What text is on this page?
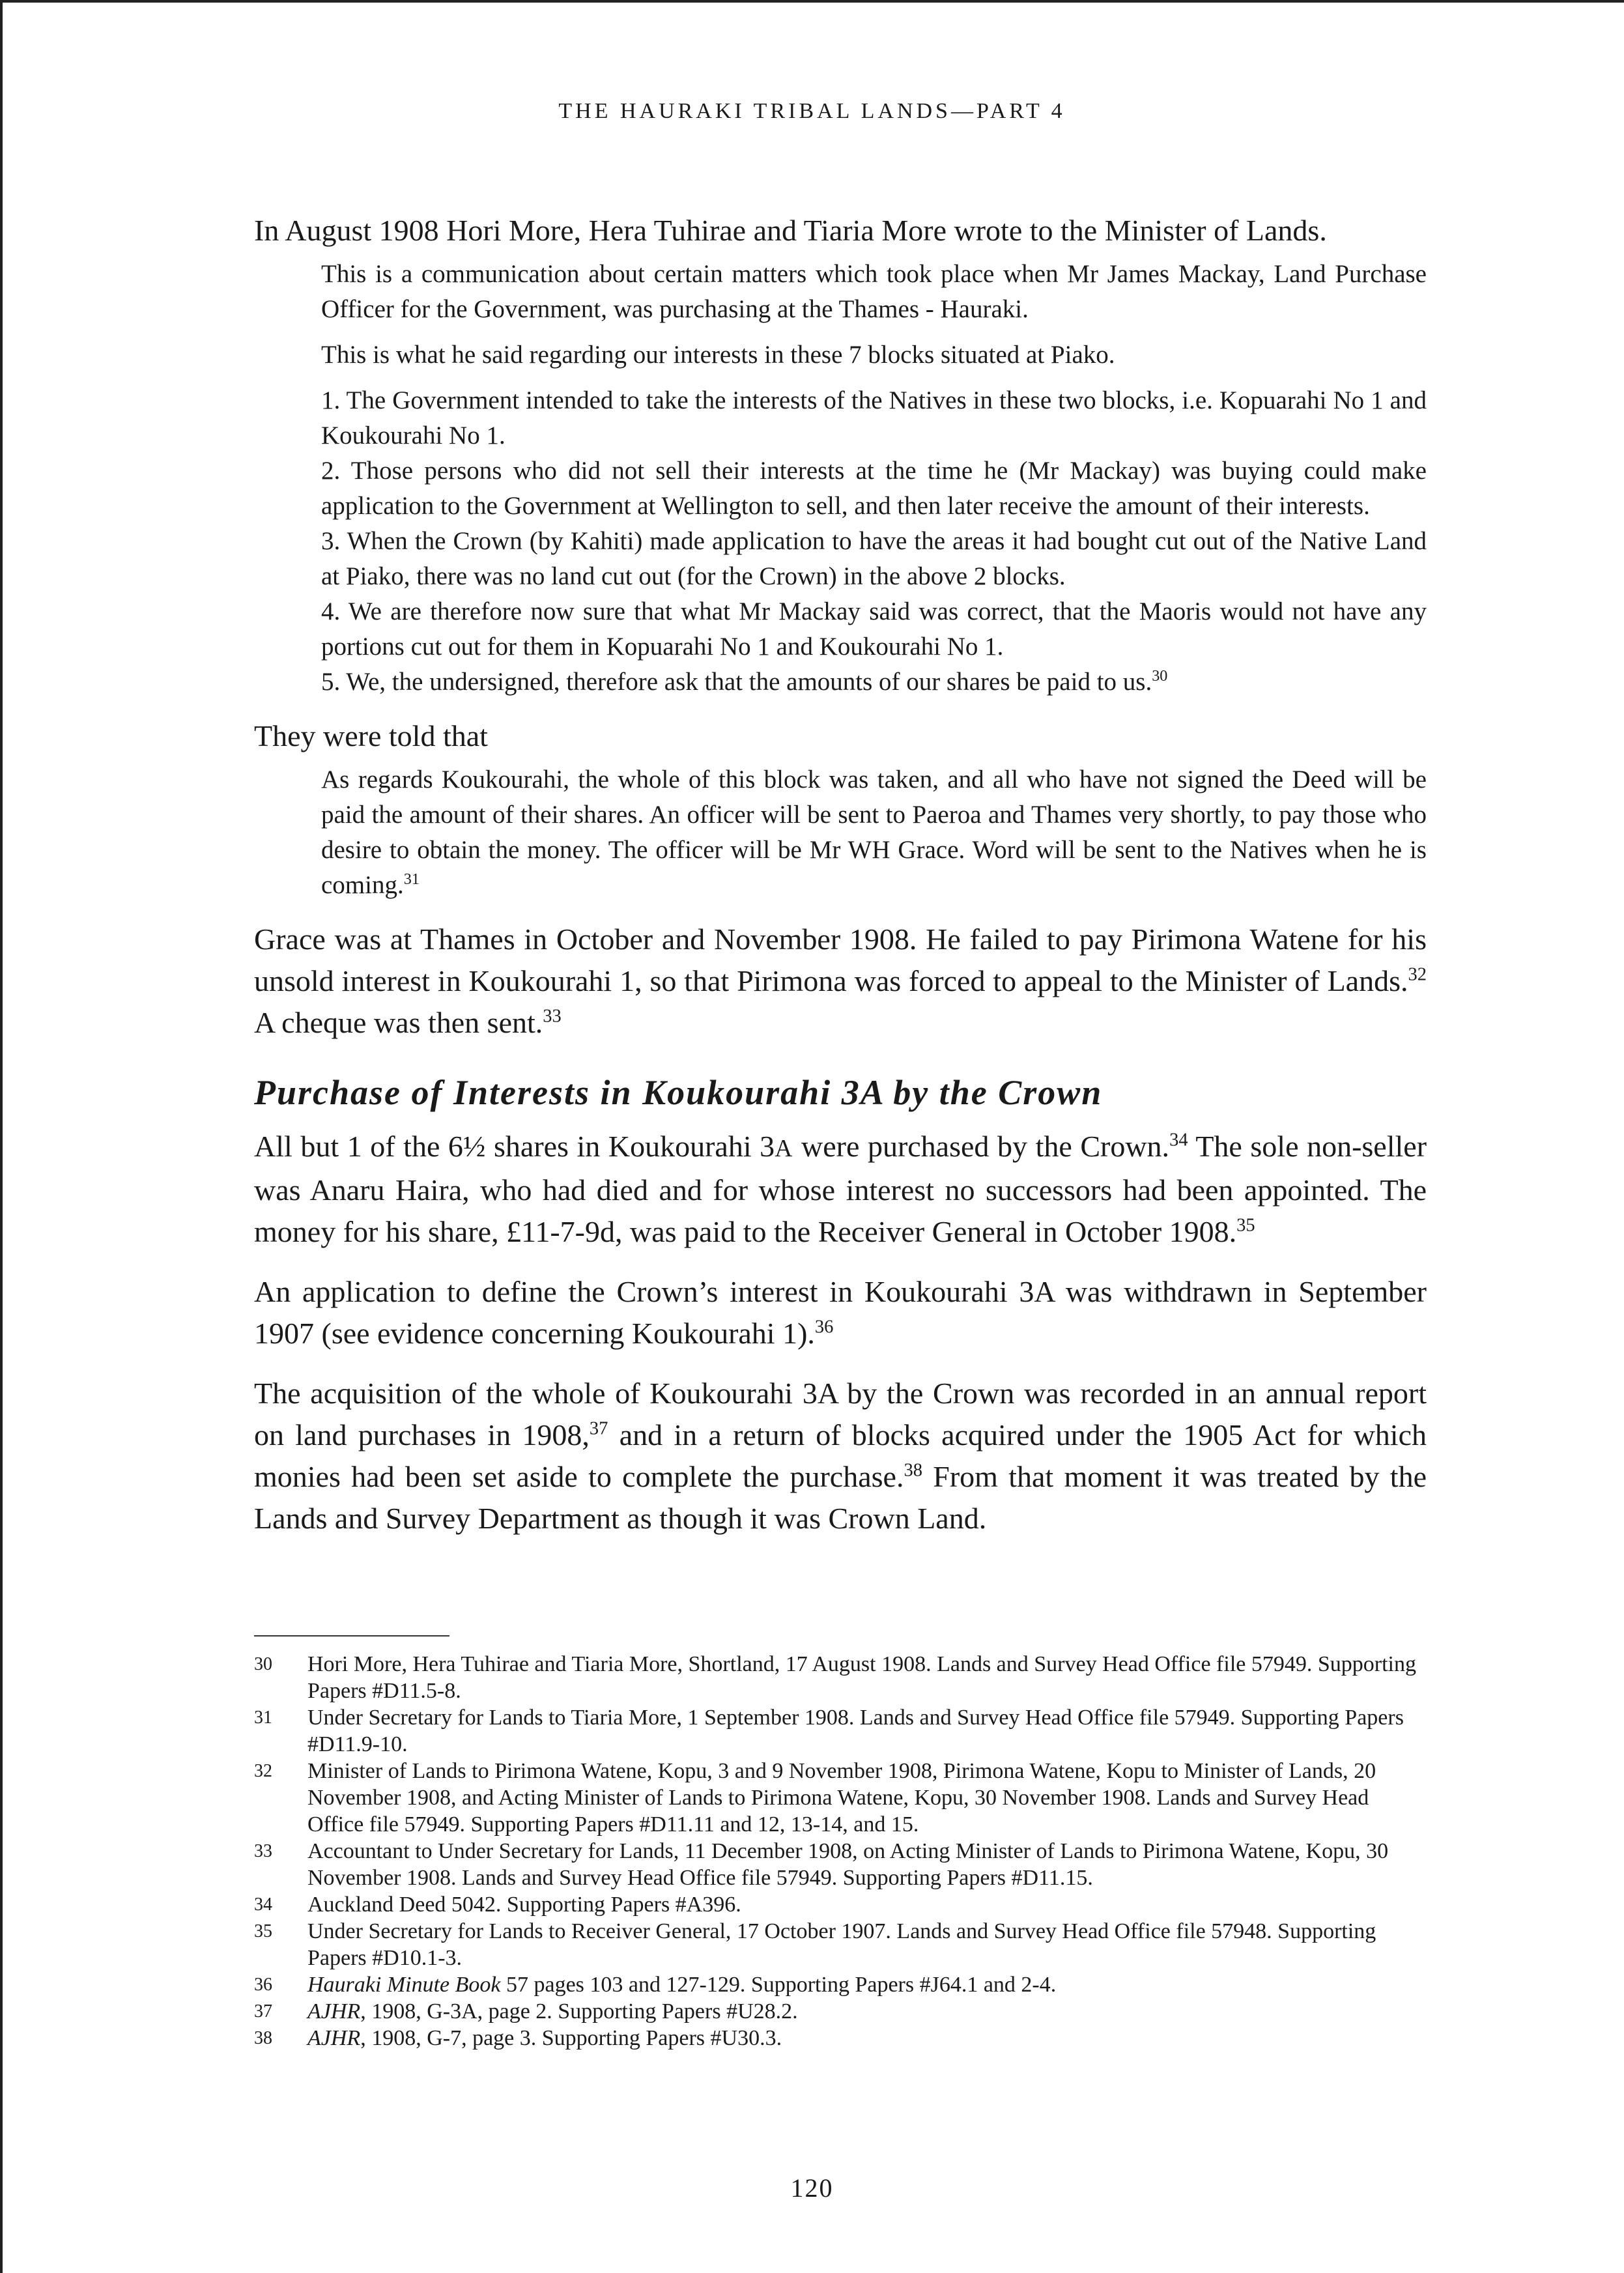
THE HAURAKI TRIBAL LANDS—PART 4

In August 1908 Hori More, Hera Tuhirae and Tiaria More wrote to the Minister of Lands.

This is a communication about certain matters which took place when Mr James Mackay, Land Purchase Officer for the Government, was purchasing at the Thames - Hauraki.

This is what he said regarding our interests in these 7 blocks situated at Piako.

1. The Government intended to take the interests of the Natives in these two blocks, i.e. Kopuarahi No 1 and Koukourahi No 1.
2. Those persons who did not sell their interests at the time he (Mr Mackay) was buying could make application to the Government at Wellington to sell, and then later receive the amount of their interests.
3. When the Crown (by Kahiti) made application to have the areas it had bought cut out of the Native Land at Piako, there was no land cut out (for the Crown) in the above 2 blocks.
4. We are therefore now sure that what Mr Mackay said was correct, that the Maoris would not have any portions cut out for them in Kopuarahi No 1 and Koukourahi No 1.
5. We, the undersigned, therefore ask that the amounts of our shares be paid to us.$^{30}$

They were told that

As regards Koukourahi, the whole of this block was taken, and all who have not signed the Deed will be paid the amount of their shares. An officer will be sent to Paeroa and Thames very shortly, to pay those who desire to obtain the money. The officer will be Mr WH Grace. Word will be sent to the Natives when he is coming.$^{31}$

Grace was at Thames in October and November 1908. He failed to pay Pirimona Watene for his unsold interest in Koukourahi 1, so that Pirimona was forced to appeal to the Minister of Lands.$^{32}$ A cheque was then sent.$^{33}$

Purchase of Interests in Koukourahi 3A by the Crown

All but 1 of the 6½ shares in Koukourahi 3A were purchased by the Crown.$^{34}$ The sole non-seller was Anaru Haira, who had died and for whose interest no successors had been appointed. The money for his share, £11-7-9d, was paid to the Receiver General in October 1908.35

An application to define the Crown’s interest in Koukourahi 3A was withdrawn in September 1907 (see evidence concerning Koukourahi 1).$^{36}$

The acquisition of the whole of Koukourahi 3A by the Crown was recorded in an annual report on land purchases in 1908,37 and in a return of blocks acquired under the 1905 Act for which monies had been set aside to complete the purchase.$^{38}$ From that moment it was treated by the Lands and Survey Department as though it was Crown Land.

30	Hori More, Hera Tuhirae and Tiaria More, Shortland, 17 August 1908. Lands and Survey Head Office file 57949. Supporting Papers #D11.5-8.
31	Under Secretary for Lands to Tiaria More, 1 September 1908. Lands and Survey Head Office file 57949. Supporting Papers #D11.9-10.
32	Minister of Lands to Pirimona Watene, Kopu, 3 and 9 November 1908, Pirimona Watene, Kopu to Minister of Lands, 20 November 1908, and Acting Minister of Lands to Pirimona Watene, Kopu, 30 November 1908. Lands and Survey Head Office file 57949. Supporting Papers #D11.11 and 12, 13-14, and 15.
33	Accountant to Under Secretary for Lands, 11 December 1908, on Acting Minister of Lands to Pirimona Watene, Kopu, 30 November 1908. Lands and Survey Head Office file 57949. Supporting Papers #D11.15.
34	Auckland Deed 5042. Supporting Papers #A396.
35	Under Secretary for Lands to Receiver General, 17 October 1907. Lands and Survey Head Office file 57948. Supporting Papers #D10.1-3.
36	Hauraki Minute Book 57 pages 103 and 127-129. Supporting Papers #J64.1 and 2-4.
37	AJHR, 1908, G-3A, page 2. Supporting Papers #U28.2.
38	AJHR, 1908, G-7, page 3. Supporting Papers #U30.3.
120
